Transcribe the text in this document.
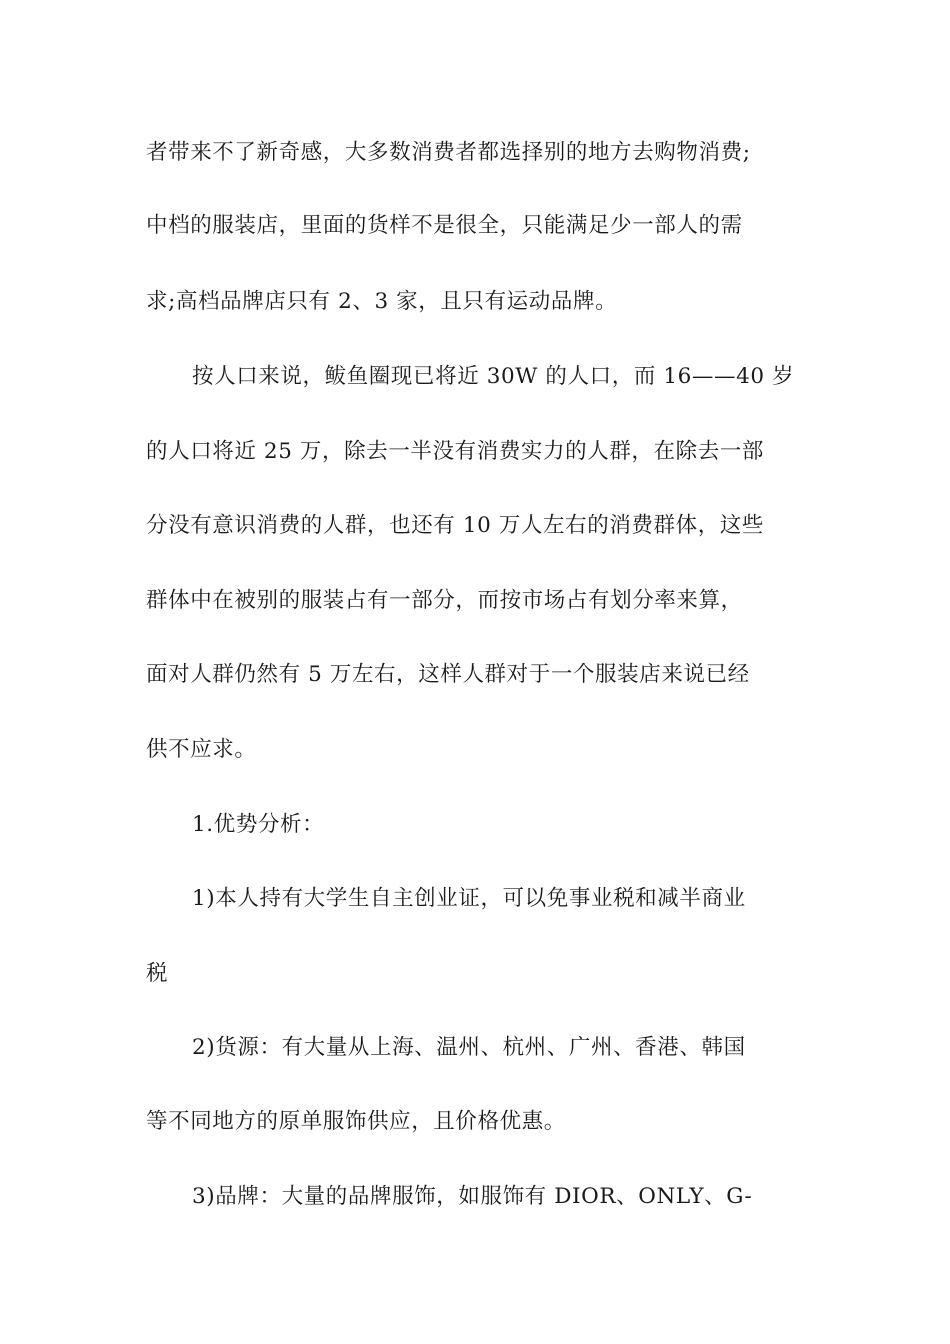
者带来不了新奇感，大多数消费者都选择别的地方去购物消费;
中档的服装店，里面的货样不是很全，只能满足少一部人的需
求;高档品牌店只有 2、3 家，且只有运动品牌。
按人口来说，鲅鱼圈现已将近 30W 的人口，而 16——40 岁
的人口将近 25 万，除去一半没有消费实力的人群，在除去一部
分没有意识消费的人群，也还有 10 万人左右的消费群体，这些
群体中在被别的服装占有一部分，而按市场占有划分率来算，
面对人群仍然有 5 万左右，这样人群对于一个服装店来说已经
供不应求。
1.优势分析：
1)本人持有大学生自主创业证，可以免事业税和减半商业
税
2)货源：有大量从上海、温州、杭州、广州、香港、韩国
等不同地方的原单服饰供应，且价格优惠。
3)品牌：大量的品牌服饰，如服饰有 DIOR、ONLY、G-
